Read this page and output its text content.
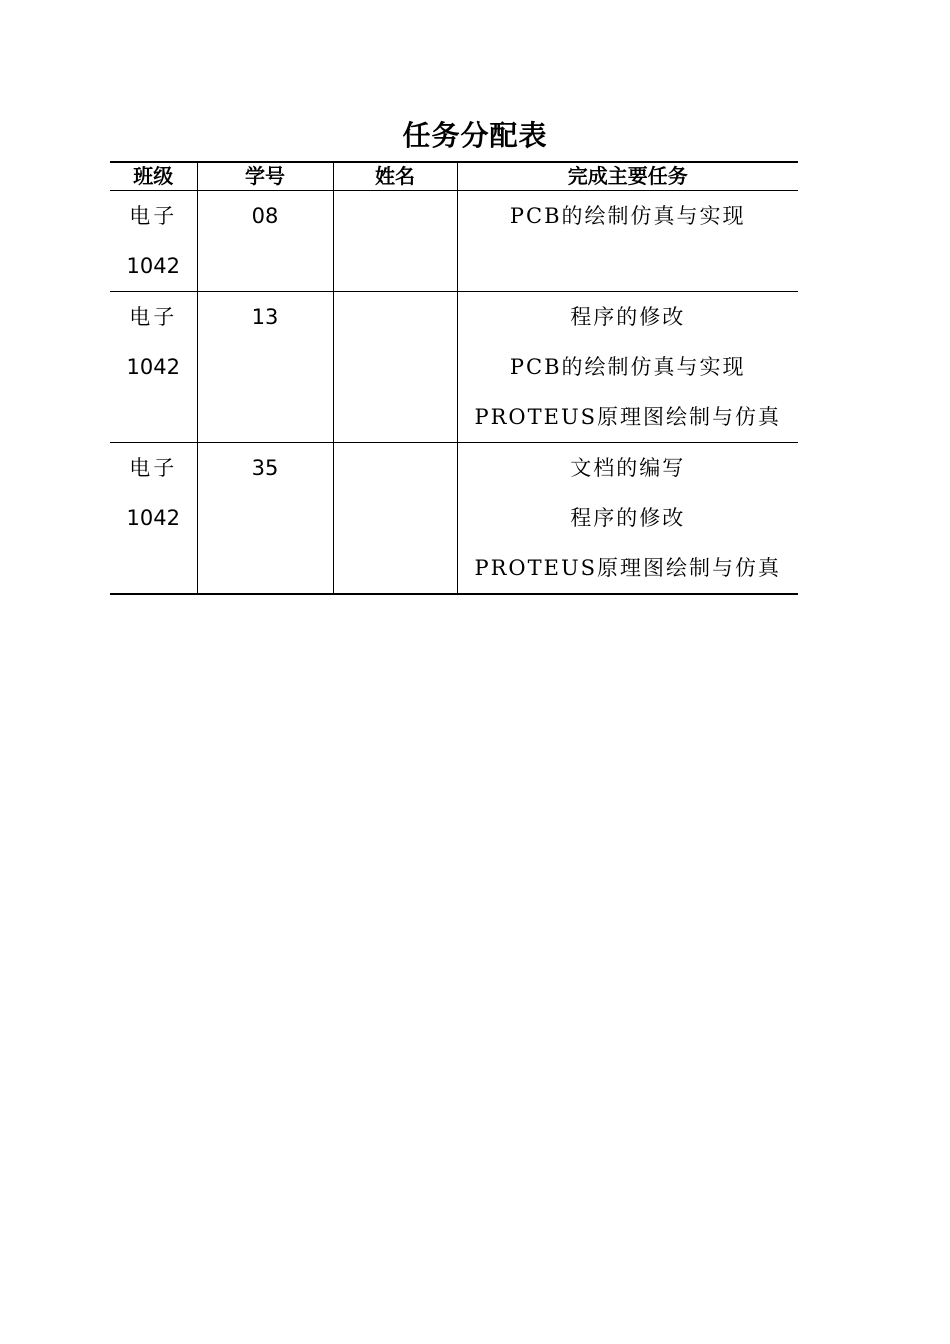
任务分配表
班级	学号	姓名	完成主要任务

电子
1042	08		PCB的绘制仿真与实现

电子
1042	13		程序的修改
PCB的绘制仿真与实现
PROTEUS原理图绘制与仿真

电子
1042	35		文档的编写
程序的修改
PROTEUS原理图绘制与仿真
